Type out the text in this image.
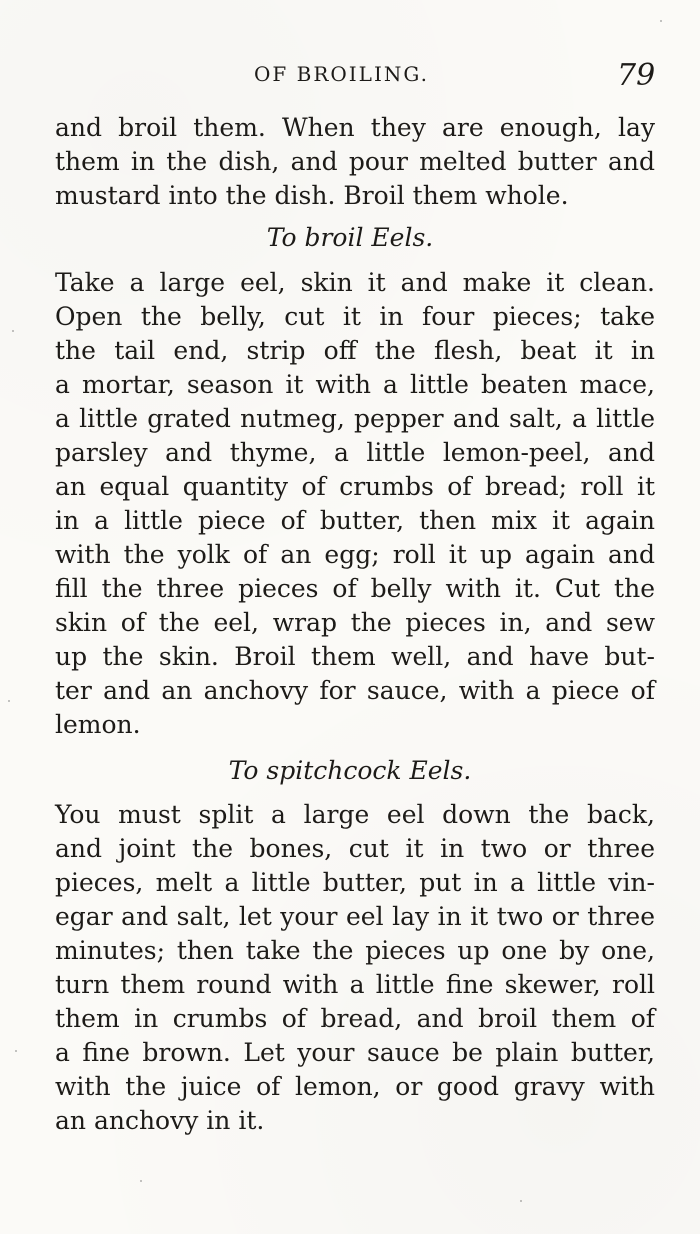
OF BROILING.	79
and broil them. When they are enough, lay
them in the dish, and pour melted butter and
mustard into the dish. Broil them whole.
To broil Eels.
Take a large eel, skin it and make it clean.
Open the belly, cut it in four pieces; take
the tail end, strip off the flesh, beat it in
a mortar, season it with a little beaten mace,
a little grated nutmeg, pepper and salt, a little
parsley and thyme, a little lemon-peel, and
an equal quantity of crumbs of bread; roll it
in a little piece of butter, then mix it again
with the yolk of an egg; roll it up again and
fill the three pieces of belly with it. Cut the
skin of the eel, wrap the pieces in, and sew
up the skin. Broil them well, and have but-
ter and an anchovy for sauce, with a piece of
lemon.
To spitchcock Eels.
You must split a large eel down the back,
and joint the bones, cut it in two or three
pieces, melt a little butter, put in a little vin-
egar and salt, let your eel lay in it two or three
minutes; then take the pieces up one by one,
turn them round with a little fine skewer, roll
them in crumbs of bread, and broil them of
a fine brown. Let your sauce be plain butter,
with the juice of lemon, or good gravy with
an anchovy in it.
